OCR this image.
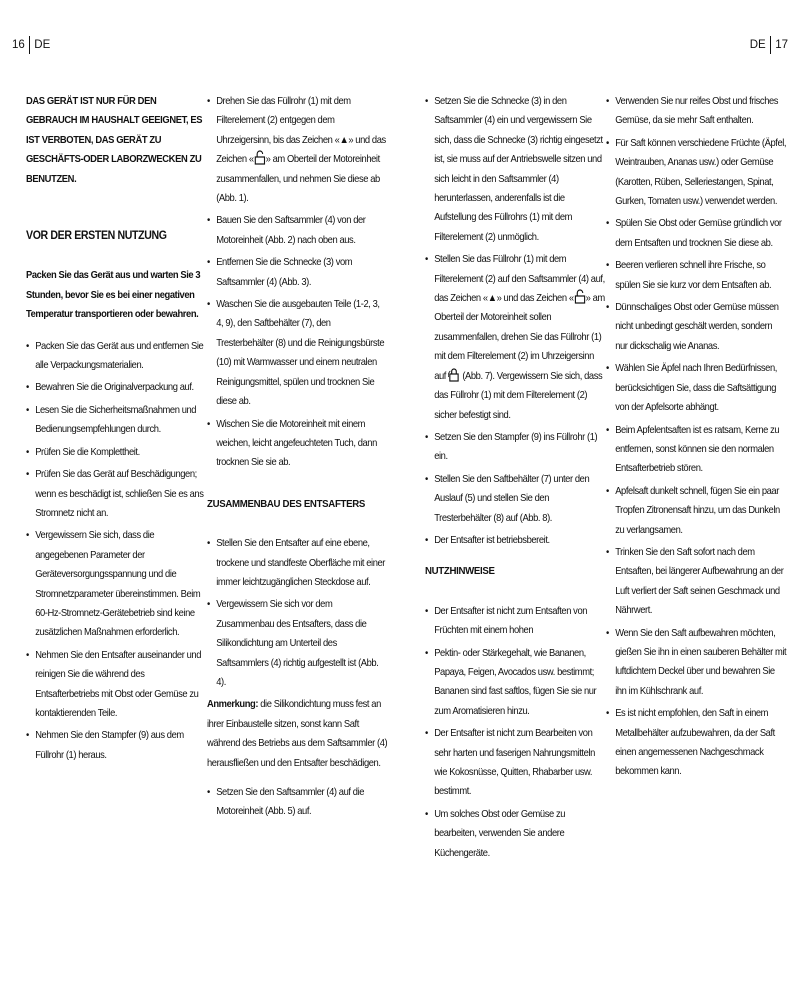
16 DE	DE 17

DAS GERÄT IST NUR FÜR DEN GEBRAUCH IM HAUSHALT GEEIGNET, ES IST VERBOTEN, DAS GERÄT ZU GESCHÄFTS-ODER LABORZWECKEN ZU BENUTZEN.

VOR DER ERSTEN NUTZUNG

Packen Sie das Gerät aus und warten Sie 3 Stunden, bevor Sie es bei einer negativen Temperatur transportieren oder bewahren.

• Packen Sie das Gerät aus und entfernen Sie alle Verpackungsmaterialien.
• Bewahren Sie die Originalverpackung auf.
• Lesen Sie die Sicherheitsmaßnahmen und Bedienungsempfehlungen durch.
• Prüfen Sie die Komplettheit.
• Prüfen Sie das Gerät auf Beschädigungen; wenn es beschädigt ist, schließen Sie es ans Stromnetz nicht an.
• Vergewissern Sie sich, dass die angegebenen Parameter der Geräteversorgungsspannung und die Stromnetzparameter übereinstimmen. Beim 60-Hz-Stromnetz-Gerätebetrieb sind keine zusätzlichen Maßnahmen erforderlich.
• Nehmen Sie den Entsafter auseinander und reinigen Sie die während des Entsafterbetriebs mit Obst oder Gemüse zu kontaktierenden Teile.
• Nehmen Sie den Stampfer (9) aus dem Füllrohr (1) heraus.
• Drehen Sie das Füllrohr (1) mit dem Filterelement (2) entgegen dem Uhrzeigersinn, bis das Zeichen «▲» und das Zeichen « » am Oberteil der Motoreinheit zusammenfallen, und nehmen Sie diese ab (Abb. 1).
• Bauen Sie den Saftsammler (4) von der Motoreinheit (Abb. 2) nach oben aus.
• Entfernen Sie die Schnecke (3) vom Saftsammler (4) (Abb. 3).
• Waschen Sie die ausgebauten Teile (1-2, 3, 4, 9), den Saftbehälter (7), den Tresterbehälter (8) und die Reinigungsbürste (10) mit Warmwasser und einem neutralen Reinigungsmittel, spülen und trocknen Sie diese ab.
• Wischen Sie die Motoreinheit mit einem weichen, leicht angefeuchteten Tuch, dann trocknen Sie sie ab.
ZUSAMMENBAU DES ENTSAFTERS
• Stellen Sie den Entsafter auf eine ebene, trockene und standfeste Oberfläche mit einer immer leichtzugänglichen Steckdose auf.
• Vergewissern Sie sich vor dem Zusammenbau des Entsafters, dass die Silikondichtung am Unterteil des Saftsammlers (4) richtig aufgestellt ist (Abb. 4).

Anmerkung: die Silikondichtung muss fest an ihrer Einbaustelle sitzen, sonst kann Saft während des Betriebs aus dem Saftsammler (4) herausfließen und den Entsafter beschädigen.

• Setzen Sie den Saftsammler (4) auf die Motoreinheit (Abb. 5) auf.
• Setzen Sie die Schnecke (3) in den Saftsammler (4) ein und vergewissern Sie sich, dass die Schnecke (3) richtig eingesetzt ist, sie muss auf der Antriebswelle sitzen und sich leicht in den Saftsammler (4) herunterlassen, anderenfalls ist die Aufstellung des Füllrohrs (1) mit dem Filterelement (2) unmöglich.
• Stellen Sie das Füllrohr (1) mit dem Filterelement (2) auf den Saftsammler (4) auf, das Zeichen «▲» und das Zeichen « » am Oberteil der Motoreinheit sollen zusammenfallen, drehen Sie das Füllrohr (1) mit dem Filterelement (2) im Uhrzeigersinn auf  (Abb. 7). Vergewissern Sie sich, dass das Füllrohr (1) mit dem Filterelement (2) sicher befestigt sind.
• Setzen Sie den Stampfer (9) ins Füllrohr (1) ein.
• Stellen Sie den Saftbehälter (7) unter den Auslauf (5) und stellen Sie den Tresterbehälter (8) auf (Abb. 8).
• Der Entsafter ist betriebsbereit.
NUTZHINWEISE
• Der Entsafter ist nicht zum Entsaften von Früchten mit einem hohen
• Pektin- oder Stärkegehalt, wie Bananen, Papaya, Feigen, Avocados usw. bestimmt; Bananen sind fast saftlos, fügen Sie sie nur zum Aromatisieren hinzu.
• Der Entsafter ist nicht zum Bearbeiten von sehr harten und faserigen Nahrungsmitteln wie Kokosnüsse, Quitten, Rhabarber usw. bestimmt.
• Um solches Obst oder Gemüse zu bearbeiten, verwenden Sie andere Küchengeräte.
• Verwenden Sie nur reifes Obst und frisches Gemüse, da sie mehr Saft enthalten.
• Für Saft können verschiedene Früchte (Äpfel, Weintrauben, Ananas usw.) oder Gemüse (Karotten, Rüben, Selleriestangen, Spinat, Gurken, Tomaten usw.) verwendet werden.
• Spülen Sie Obst oder Gemüse gründlich vor dem Entsaften und trocknen Sie diese ab.
• Beeren verlieren schnell ihre Frische, so spülen Sie sie kurz vor dem Entsaften ab.
• Dünnschaliges Obst oder Gemüse müssen nicht unbedingt geschält werden, sondern nur dickschalig wie Ananas.
• Wählen Sie Äpfel nach Ihren Bedürfnissen, berücksichtigen Sie, dass die Saftsättigung von der Apfelsorte abhängt.
• Beim Apfelentsaften ist es ratsam, Kerne zu entfernen, sonst können sie den normalen Entsafterbetrieb stören.
• Apfelsaft dunkelt schnell, fügen Sie ein paar Tropfen Zitronensaft hinzu, um das Dunkeln zu verlangsamen.
• Trinken Sie den Saft sofort nach dem Entsaften, bei längerer Aufbewahrung an der Luft verliert der Saft seinen Geschmack und Nährwert.
• Wenn Sie den Saft aufbewahren möchten, gießen Sie ihn in einen sauberen Behälter mit luftdichtem Deckel über und bewahren Sie ihn im Kühlschrank auf.
• Es ist nicht empfohlen, den Saft in einem Metallbehälter aufzubewahren, da der Saft einen angemessenen Nachgeschmack bekommen kann.
